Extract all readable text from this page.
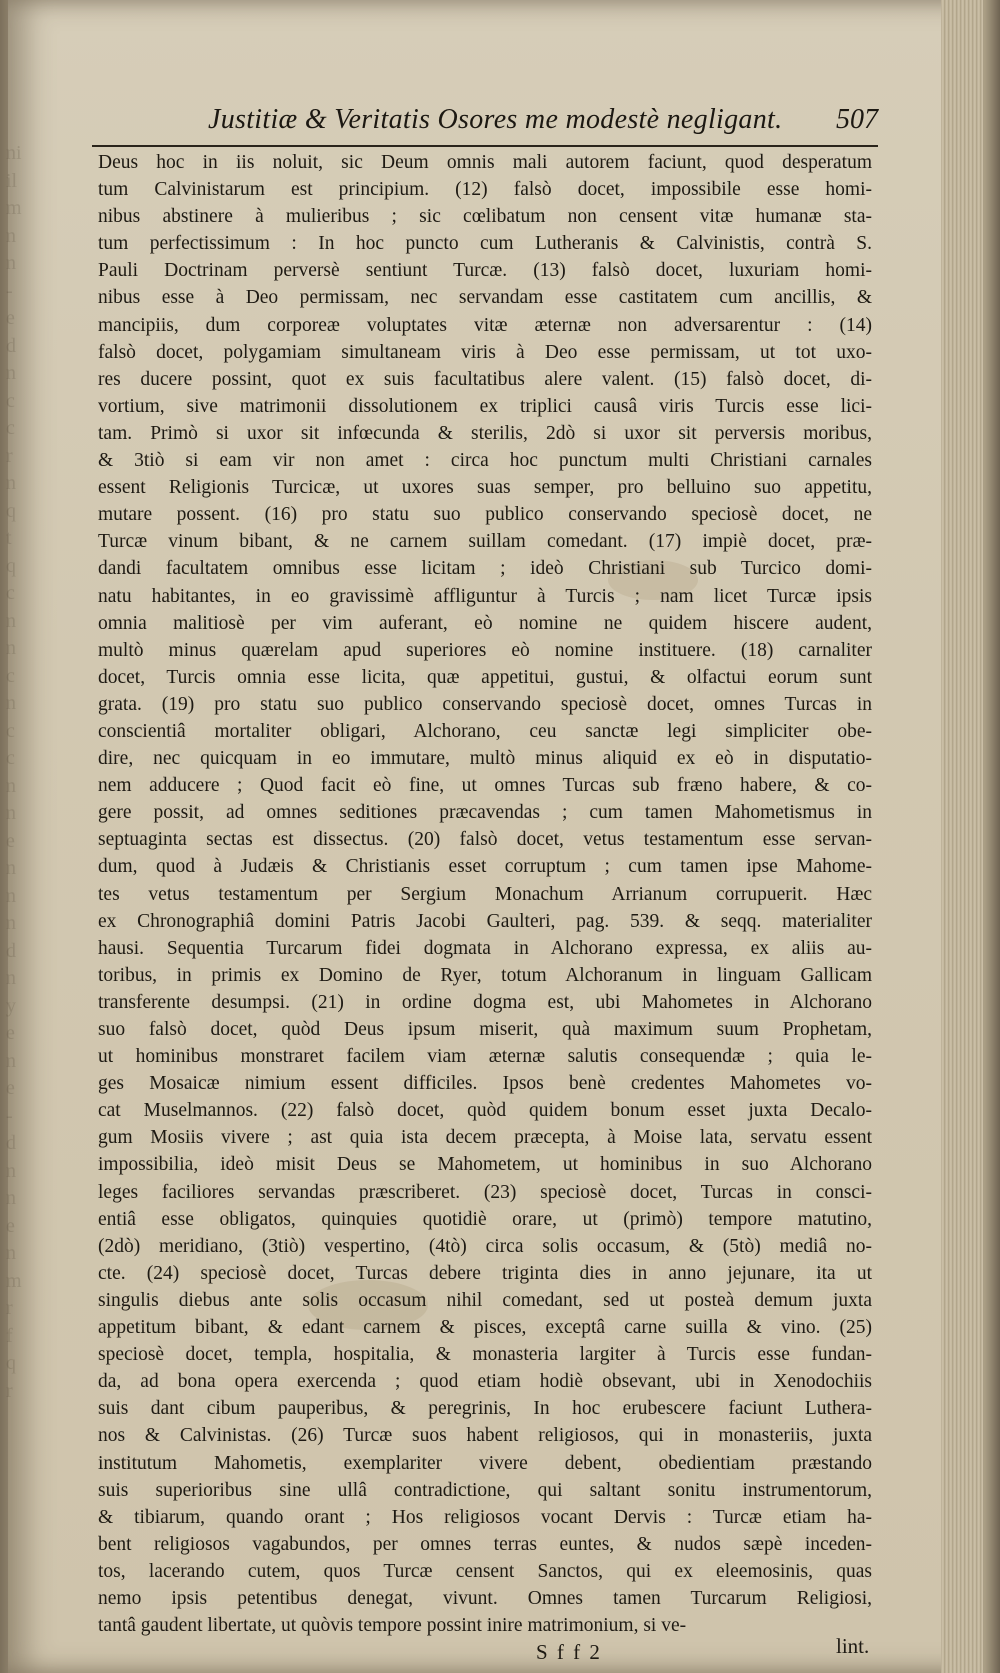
ni
il
m
n
n
-
e
d
n
c
c
r
n
q
t
q
c
n
n
c
n
c
c
n
n
e
n
n
n
d
n
y
e
n
e
-
d
n
n
e
n
m
r
f
q
r
Justitiæ & Veritatis Osores me modestè negligant.	507
Deus hoc in iis noluit, sic Deum omnis mali autorem faciunt, quod desperatum
tum Calvinistarum est principium. (12) falsò docet, impossibile esse homi-
nibus abstinere à mulieribus ; sic cœlibatum non censent vitæ humanæ sta-
tum perfectissimum : In hoc puncto cum Lutheranis & Calvinistis, contrà S.
Pauli Doctrinam perversè sentiunt Turcæ. (13) falsò docet, luxuriam homi-
nibus esse à Deo permissam, nec servandam esse castitatem cum ancillis, &
mancipiis, dum corporeæ voluptates vitæ æternæ non adversarentur : (14)
falsò docet, polygamiam simultaneam viris à Deo esse permissam, ut tot uxo-
res ducere possint, quot ex suis facultatibus alere valent. (15) falsò docet, di-
vortium, sive matrimonii dissolutionem ex triplici causâ viris Turcis esse lici-
tam. Primò si uxor sit infœcunda & sterilis, 2dò si uxor sit perversis moribus,
& 3tiò si eam vir non amet : circa hoc punctum multi Christiani carnales
essent Religionis Turcicæ, ut uxores suas semper, pro belluino suo appetitu,
mutare possent. (16) pro statu suo publico conservando speciosè docet, ne
Turcæ vinum bibant, & ne carnem suillam comedant. (17) impiè docet, præ-
dandi facultatem omnibus esse licitam ; ideò Christiani sub Turcico domi-
natu habitantes, in eo gravissimè affliguntur à Turcis ; nam licet Turcæ ipsis
omnia malitiosè per vim auferant, eò nomine ne quidem hiscere audent,
multò minus quærelam apud superiores eò nomine instituere. (18) carnaliter
docet, Turcis omnia esse licita, quæ appetitui, gustui, & olfactui eorum sunt
grata. (19) pro statu suo publico conservando speciosè docet, omnes Turcas in
conscientiâ mortaliter obligari, Alchorano, ceu sanctæ legi simpliciter obe-
dire, nec quicquam in eo immutare, multò minus aliquid ex eò in disputatio-
nem adducere ; Quod facit eò fine, ut omnes Turcas sub fræno habere, & co-
gere possit, ad omnes seditiones præcavendas ; cum tamen Mahometismus in
septuaginta sectas est dissectus. (20) falsò docet, vetus testamentum esse servan-
dum, quod à Judæis & Christianis esset corruptum ; cum tamen ipse Mahome-
tes vetus testamentum per Sergium Monachum Arrianum corrupuerit. Hæc
ex Chronographiâ domini Patris Jacobi Gaulteri, pag. 539. & seqq. materialiter
hausi. Sequentia Turcarum fidei dogmata in Alchorano expressa, ex aliis au-
toribus, in primis ex Domino de Ryer, totum Alchoranum in linguam Gallicam
transferente desumpsi. (21) in ordine dogma est, ubi Mahometes in Alchorano
suo falsò docet, quòd Deus ipsum miserit, quà maximum suum Prophetam,
ut hominibus monstraret facilem viam æternæ salutis consequendæ ; quia le-
ges Mosaicæ nimium essent difficiles. Ipsos benè credentes Mahometes vo-
cat Muselmannos. (22) falsò docet, quòd quidem bonum esset juxta Decalo-
gum Mosiis vivere ; ast quia ista decem præcepta, à Moise lata, servatu essent
impossibilia, ideò misit Deus se Mahometem, ut hominibus in suo Alchorano
leges faciliores servandas præscriberet. (23) speciosè docet, Turcas in consci-
entiâ esse obligatos, quinquies quotidiè orare, ut (primò) tempore matutino,
(2dò) meridiano, (3tiò) vespertino, (4tò) circa solis occasum, & (5tò) mediâ no-
cte. (24) speciosè docet, Turcas debere triginta dies in anno jejunare, ita ut
singulis diebus ante solis occasum nihil comedant, sed ut posteà demum juxta
appetitum bibant, & edant carnem & pisces, exceptâ carne suilla & vino. (25)
speciosè docet, templa, hospitalia, & monasteria largiter à Turcis esse fundan-
da, ad bona opera exercenda ; quod etiam hodiè obsevant, ubi in Xenodochiis
suis dant cibum pauperibus, & peregrinis, In hoc erubescere faciunt Luthera-
nos & Calvinistas. (26) Turcæ suos habent religiosos, qui in monasteriis, juxta
institutum Mahometis, exemplariter vivere debent, obedientiam præstando
suis superioribus sine ullâ contradictione, qui saltant sonitu instrumentorum,
& tibiarum, quando orant ; Hos religiosos vocant Dervis : Turcæ etiam ha-
bent religiosos vagabundos, per omnes terras euntes, & nudos sæpè inceden-
tos, lacerando cutem, quos Turcæ censent Sanctos, qui ex eleemosinis, quas
nemo ipsis petentibus denegat, vivunt. Omnes tamen Turcarum Religiosi,
tantâ gaudent libertate, ut quòvis tempore possint inire matrimonium, si ve-
S f f 2	lint.
